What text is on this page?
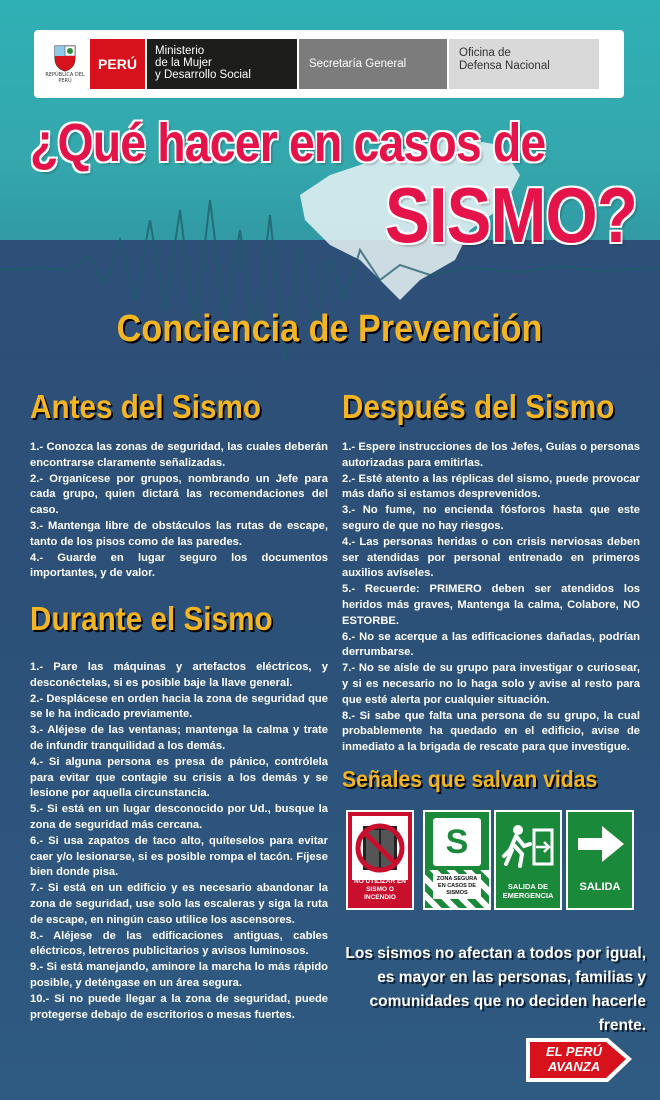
REPÚBLICA DEL PERÚ
PERÚ
Ministerio
de la Mujer
y Desarrollo Social
Secretaría General
Oficina de
Defensa Nacional
¿Qué hacer en casos de
SISMO?
Conciencia de Prevención
Antes del Sismo
1.- Conozca las zonas de seguridad, las cuales deberán encontrarse claramente señalizadas.
2.- Organícese por grupos, nombrando un Jefe para cada grupo, quien dictará las recomendaciones del caso.
3.- Mantenga libre de obstáculos las rutas de escape, tanto de los pisos como de las paredes.
4.- Guarde en lugar seguro los documentos importantes, y de valor.
Durante el Sismo
1.- Pare las máquinas y artefactos eléctricos, y desconéctelas, si es posible baje la llave general.
2.- Desplácese en orden hacia la zona de seguridad que se le ha indicado previamente.
3.- Aléjese de las ventanas; mantenga la calma y trate de infundir tranquilidad a los demás.
4.- Si alguna persona es presa de pánico, contrólela para evitar que contagie su crisis a los demás y se lesione por aquella circunstancia.
5.- Si está en un lugar desconocido por Ud., busque la zona de seguridad más cercana.
6.- Si usa zapatos de taco alto, quíteselos para evitar caer y/o lesionarse, si es posible rompa el tacón. Fíjese bien donde pisa.
7.- Si está en un edificio y es necesario abandonar la zona de seguridad, use solo las escaleras y siga la ruta de escape, en ningún caso utilice los ascensores.
8.- Aléjese de las edificaciones antiguas, cables eléctricos, letreros publicitarios y avisos luminosos.
9.- Si está manejando, aminore la marcha lo más rápido posible, y deténgase en un área segura.
10.- Si no puede llegar a la zona de seguridad, puede protegerse debajo de escritorios o mesas fuertes.
Después del Sismo
1.- Espere instrucciones de los Jefes, Guías o personas autorizadas para emitirlas.
2.- Esté atento a las réplicas del sismo, puede provocar más daño si estamos desprevenidos.
3.- No fume, no encienda fósforos hasta que este seguro de que no hay riesgos.
4.- Las personas heridas o con crisis nerviosas deben ser atendidas por personal entrenado en primeros auxilios avíseles.
5.- Recuerde: PRIMERO deben ser atendidos los heridos más graves, Mantenga la calma, Colabore, NO ESTORBE.
6.- No se acerque a las edificaciones dañadas, podrían derrumbarse.
7.- No se aísle de su grupo para investigar o curiosear, y si es necesario no lo haga solo y avise al resto para que esté alerta por cualquier situación.
8.- Si sabe que falta una persona de su grupo, la cual probablemente ha quedado en el edificio, avise de inmediato a la brigada de rescate para que investigue.
Señales que salvan vidas
NO UTILIZAR EN SISMO O INCENDIO
S
ZONA SEGURA EN CASOS DE SISMOS
SALIDA DE EMERGENCIA
SALIDA
Los sismos no afectan a todos por igual,
es mayor en las personas, familias y
comunidades que no deciden hacerle frente.
EL PERÚ
AVANZA
